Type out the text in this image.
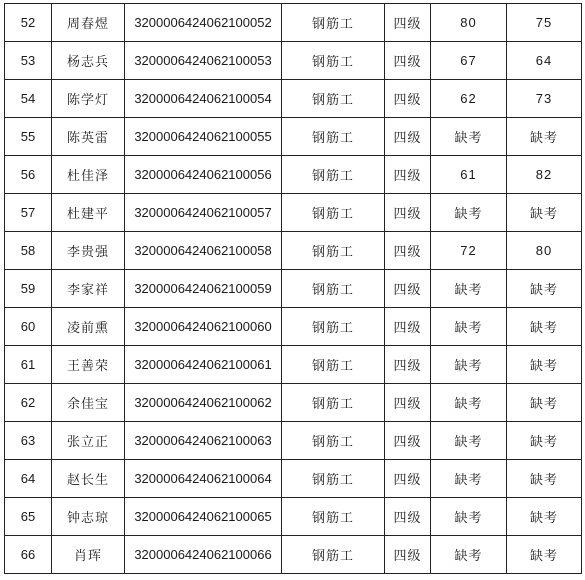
52	周春煜	3200006424062100052	钢筋工	四级	80	75
53	杨志兵	3200006424062100053	钢筋工	四级	67	64
54	陈学灯	3200006424062100054	钢筋工	四级	62	73
55	陈英雷	3200006424062100055	钢筋工	四级	缺考	缺考
56	杜佳泽	3200006424062100056	钢筋工	四级	61	82
57	杜建平	3200006424062100057	钢筋工	四级	缺考	缺考
58	李贵强	3200006424062100058	钢筋工	四级	72	80
59	李家祥	3200006424062100059	钢筋工	四级	缺考	缺考
60	凌前熏	3200006424062100060	钢筋工	四级	缺考	缺考
61	王善荣	3200006424062100061	钢筋工	四级	缺考	缺考
62	余佳宝	3200006424062100062	钢筋工	四级	缺考	缺考
63	张立正	3200006424062100063	钢筋工	四级	缺考	缺考
64	赵长生	3200006424062100064	钢筋工	四级	缺考	缺考
65	钟志琼	3200006424062100065	钢筋工	四级	缺考	缺考
66	肖珲	3200006424062100066	钢筋工	四级	缺考	缺考
